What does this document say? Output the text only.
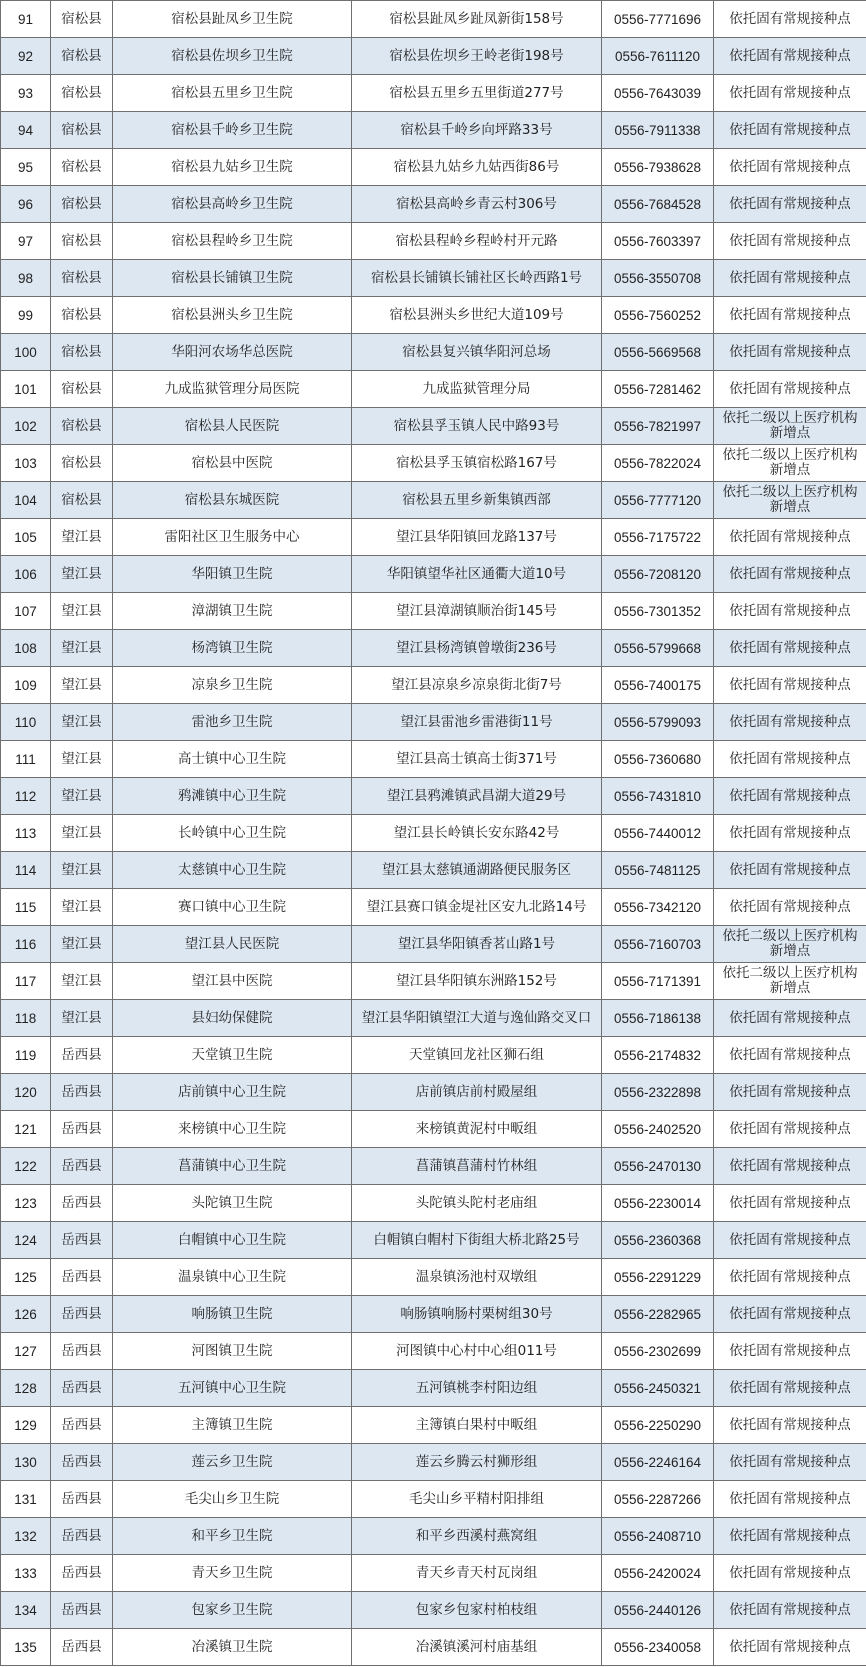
91	宿松县	宿松县趾凤乡卫生院	宿松县趾凤乡趾凤新街158号	0556-7771696	依托固有常规接种点
92	宿松县	宿松县佐坝乡卫生院	宿松县佐坝乡王岭老街198号	0556-7611120	依托固有常规接种点
93	宿松县	宿松县五里乡卫生院	宿松县五里乡五里街道277号	0556-7643039	依托固有常规接种点
94	宿松县	宿松县千岭乡卫生院	宿松县千岭乡向坪路33号	0556-7911338	依托固有常规接种点
95	宿松县	宿松县九姑乡卫生院	宿松县九姑乡九姑西街86号	0556-7938628	依托固有常规接种点
96	宿松县	宿松县高岭乡卫生院	宿松县高岭乡青云村306号	0556-7684528	依托固有常规接种点
97	宿松县	宿松县程岭乡卫生院	宿松县程岭乡程岭村开元路	0556-7603397	依托固有常规接种点
98	宿松县	宿松县长铺镇卫生院	宿松县长铺镇长铺社区长岭西路1号	0556-3550708	依托固有常规接种点
99	宿松县	宿松县洲头乡卫生院	宿松县洲头乡世纪大道109号	0556-7560252	依托固有常规接种点
100	宿松县	华阳河农场华总医院	宿松县复兴镇华阳河总场	0556-5669568	依托固有常规接种点
101	宿松县	九成监狱管理分局医院	九成监狱管理分局	0556-7281462	依托固有常规接种点
102	宿松县	宿松县人民医院	宿松县孚玉镇人民中路93号	0556-7821997	依托二级以上医疗机构新增点
103	宿松县	宿松县中医院	宿松县孚玉镇宿松路167号	0556-7822024	依托二级以上医疗机构新增点
104	宿松县	宿松县东城医院	宿松县五里乡新集镇西部	0556-7777120	依托二级以上医疗机构新增点
105	望江县	雷阳社区卫生服务中心	望江县华阳镇回龙路137号	0556-7175722	依托固有常规接种点
106	望江县	华阳镇卫生院	华阳镇望华社区通衢大道10号	0556-7208120	依托固有常规接种点
107	望江县	漳湖镇卫生院	望江县漳湖镇顺治街145号	0556-7301352	依托固有常规接种点
108	望江县	杨湾镇卫生院	望江县杨湾镇曾墩街236号	0556-5799668	依托固有常规接种点
109	望江县	凉泉乡卫生院	望江县凉泉乡凉泉街北街7号	0556-7400175	依托固有常规接种点
110	望江县	雷池乡卫生院	望江县雷池乡雷港街11号	0556-5799093	依托固有常规接种点
111	望江县	高士镇中心卫生院	望江县高士镇高士街371号	0556-7360680	依托固有常规接种点
112	望江县	鸦滩镇中心卫生院	望江县鸦滩镇武昌湖大道29号	0556-7431810	依托固有常规接种点
113	望江县	长岭镇中心卫生院	望江县长岭镇长安东路42号	0556-7440012	依托固有常规接种点
114	望江县	太慈镇中心卫生院	望江县太慈镇通湖路便民服务区	0556-7481125	依托固有常规接种点
115	望江县	赛口镇中心卫生院	望江县赛口镇金堤社区安九北路14号	0556-7342120	依托固有常规接种点
116	望江县	望江县人民医院	望江县华阳镇香茗山路1号	0556-7160703	依托二级以上医疗机构新增点
117	望江县	望江县中医院	望江县华阳镇东洲路152号	0556-7171391	依托二级以上医疗机构新增点
118	望江县	县妇幼保健院	望江县华阳镇望江大道与逸仙路交叉口	0556-7186138	依托固有常规接种点
119	岳西县	天堂镇卫生院	天堂镇回龙社区狮石组	0556-2174832	依托固有常规接种点
120	岳西县	店前镇中心卫生院	店前镇店前村殿屋组	0556-2322898	依托固有常规接种点
121	岳西县	来榜镇中心卫生院	来榜镇黄泥村中畈组	0556-2402520	依托固有常规接种点
122	岳西县	菖蒲镇中心卫生院	菖蒲镇菖蒲村竹林组	0556-2470130	依托固有常规接种点
123	岳西县	头陀镇卫生院	头陀镇头陀村老庙组	0556-2230014	依托固有常规接种点
124	岳西县	白帽镇中心卫生院	白帽镇白帽村下街组大桥北路25号	0556-2360368	依托固有常规接种点
125	岳西县	温泉镇中心卫生院	温泉镇汤池村双墩组	0556-2291229	依托固有常规接种点
126	岳西县	响肠镇卫生院	响肠镇响肠村栗树组30号	0556-2282965	依托固有常规接种点
127	岳西县	河图镇卫生院	河图镇中心村中心组011号	0556-2302699	依托固有常规接种点
128	岳西县	五河镇中心卫生院	五河镇桃李村阳边组	0556-2450321	依托固有常规接种点
129	岳西县	主簿镇卫生院	主簿镇白果村中畈组	0556-2250290	依托固有常规接种点
130	岳西县	莲云乡卫生院	莲云乡腾云村狮形组	0556-2246164	依托固有常规接种点
131	岳西县	毛尖山乡卫生院	毛尖山乡平精村阳排组	0556-2287266	依托固有常规接种点
132	岳西县	和平乡卫生院	和平乡西溪村燕窝组	0556-2408710	依托固有常规接种点
133	岳西县	青天乡卫生院	青天乡青天村瓦岗组	0556-2420024	依托固有常规接种点
134	岳西县	包家乡卫生院	包家乡包家村柏枝组	0556-2440126	依托固有常规接种点
135	岳西县	冶溪镇卫生院	冶溪镇溪河村庙基组	0556-2340058	依托固有常规接种点
